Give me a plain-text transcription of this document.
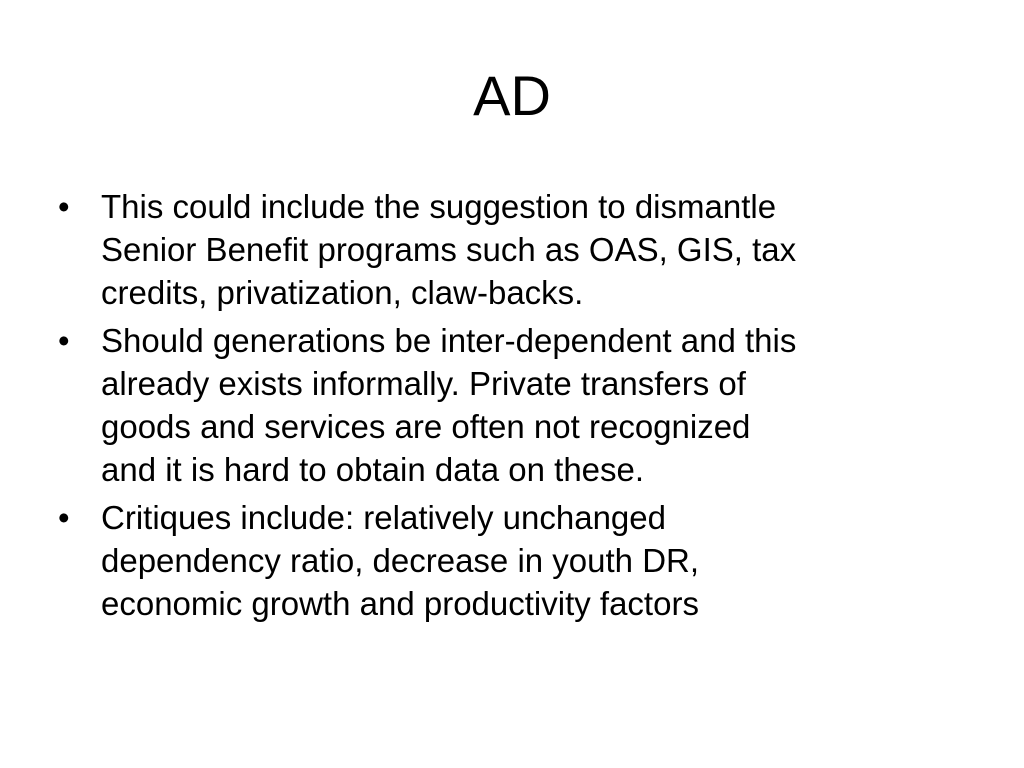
AD
• This could include the suggestion to dismantle
Senior Benefit programs such as OAS, GIS, tax
credits, privatization, claw-backs.
• Should generations be inter-dependent and this
already exists informally. Private transfers of
goods and services are often not recognized
and it is hard to obtain data on these.
• Critiques include: relatively unchanged
dependency ratio, decrease in youth DR,
economic growth and productivity factors
